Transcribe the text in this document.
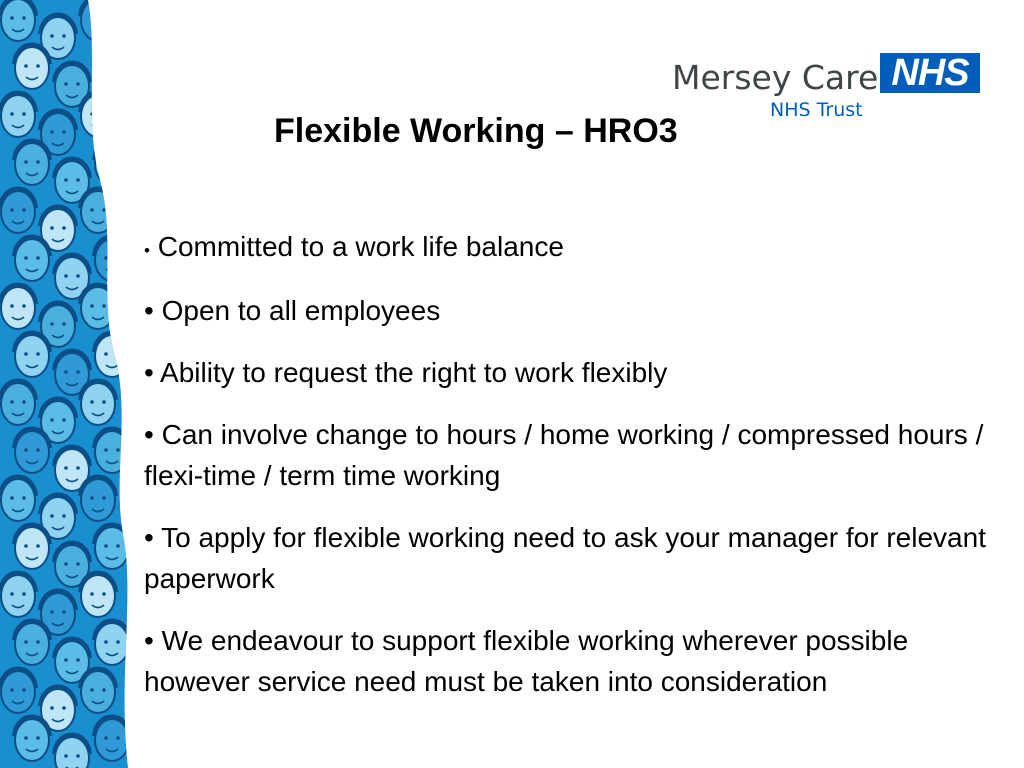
Mersey Care NHS
NHS Trust
Flexible Working – HRO3
• Committed to a work life balance
• Open to all employees
• Ability to request the right to work flexibly
• Can involve change to hours / home working / compressed hours / flexi-time / term time working
• To apply for flexible working need to ask your manager for relevant paperwork
• We endeavour to support flexible working wherever possible however service need must be taken into consideration
